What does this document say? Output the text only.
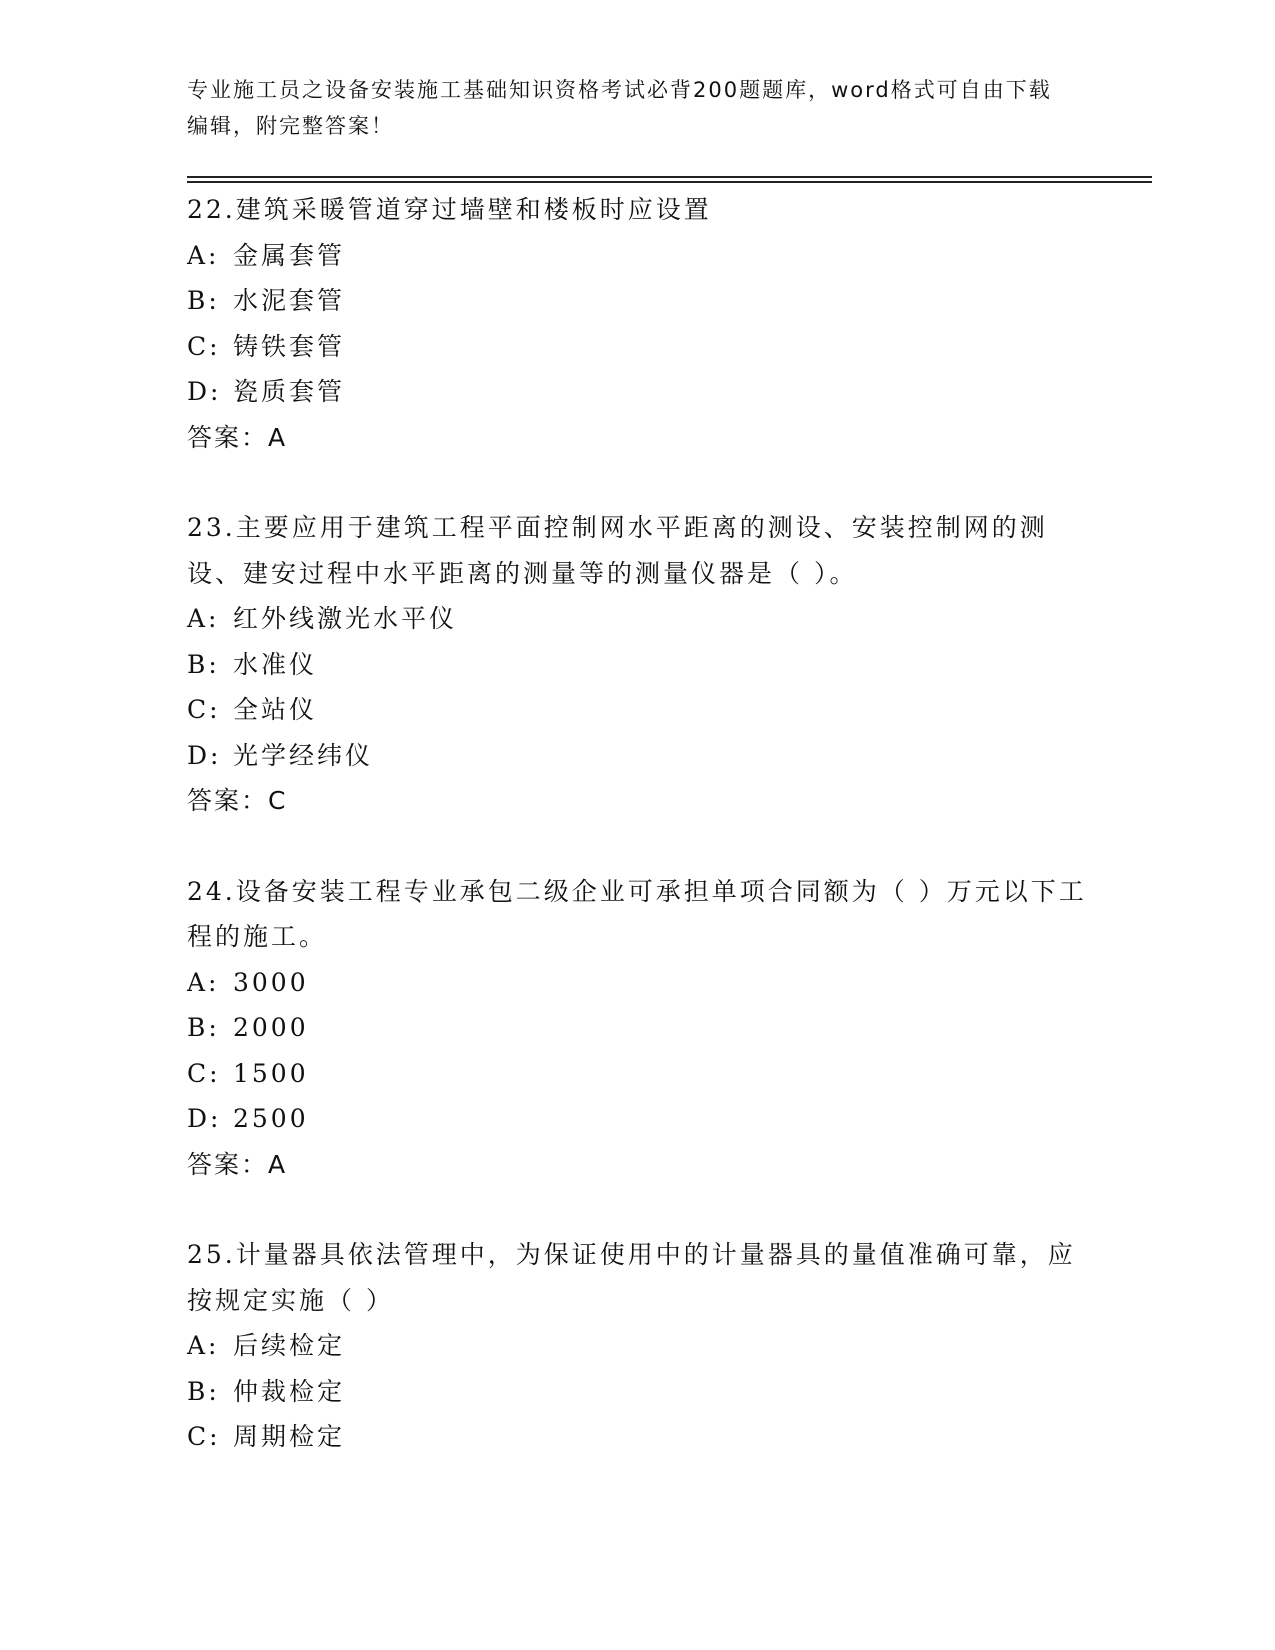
专业施工员之设备安装施工基础知识资格考试必背200题题库，word格式可自由下载编辑，附完整答案！
22.建筑采暖管道穿过墙壁和楼板时应设置
A: 金属套管
B: 水泥套管
C: 铸铁套管
D: 瓷质套管
答案：A
23.主要应用于建筑工程平面控制网水平距离的测设、安装控制网的测设、建安过程中水平距离的测量等的测量仪器是（ ）。
A: 红外线激光水平仪
B: 水准仪
C: 全站仪
D: 光学经纬仪
答案：C
24.设备安装工程专业承包二级企业可承担单项合同额为（ ）万元以下工程的施工。
A: 3000
B: 2000
C: 1500
D: 2500
答案：A
25.计量器具依法管理中，为保证使用中的计量器具的量值准确可靠，应按规定实施（ ）
A: 后续检定
B: 仲裁检定
C: 周期检定
